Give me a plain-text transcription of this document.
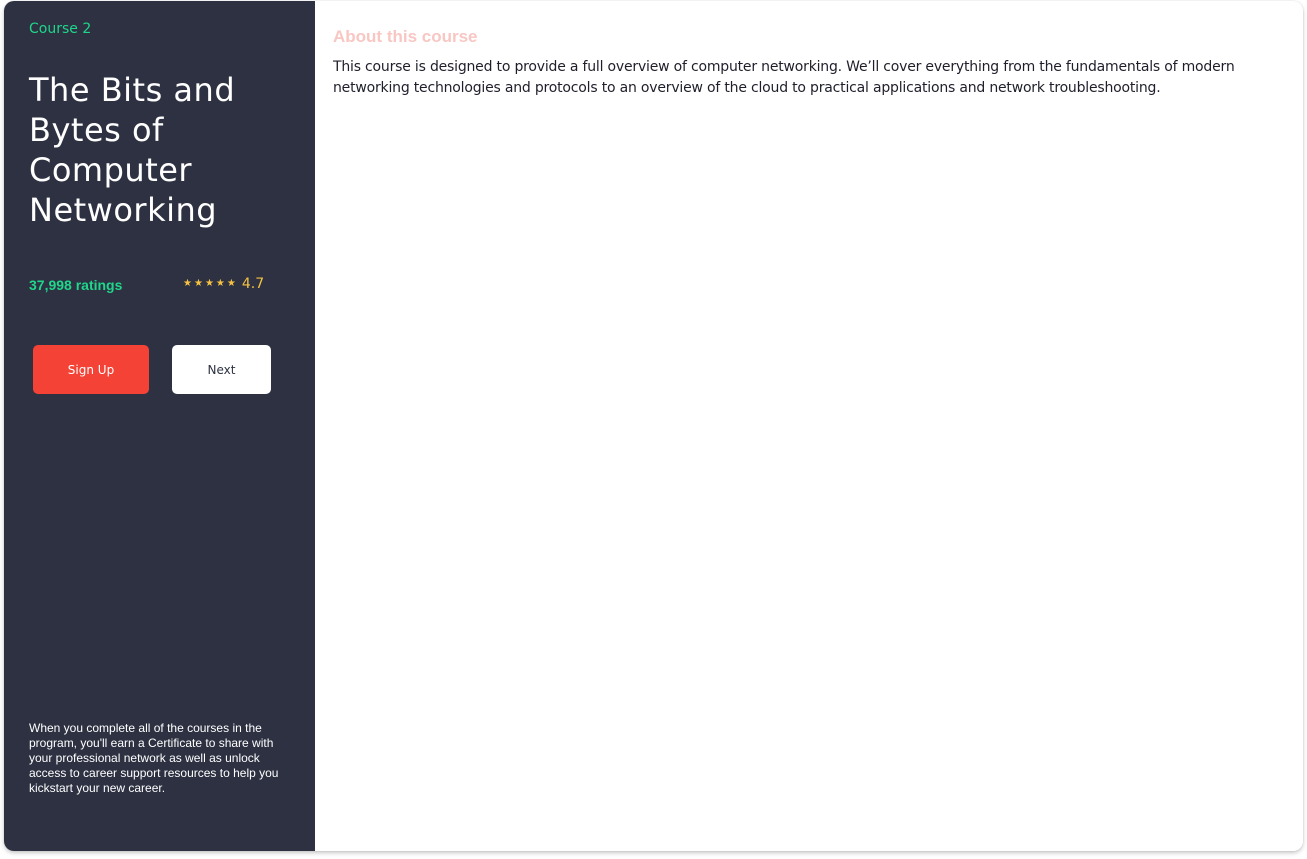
Course 2
The Bits and Bytes of Computer Networking
37,998 ratings	★ ★ ★ ★ ★ 4.7
Sign Up	Next
When you complete all of the courses in the program, you'll earn a Certificate to share with your professional network as well as unlock access to career support resources to help you kickstart your new career.
About this course

This course is designed to provide a full overview of computer networking. We’ll cover everything from the fundamentals of modern networking technologies and protocols to an overview of the cloud to practical applications and network troubleshooting.
